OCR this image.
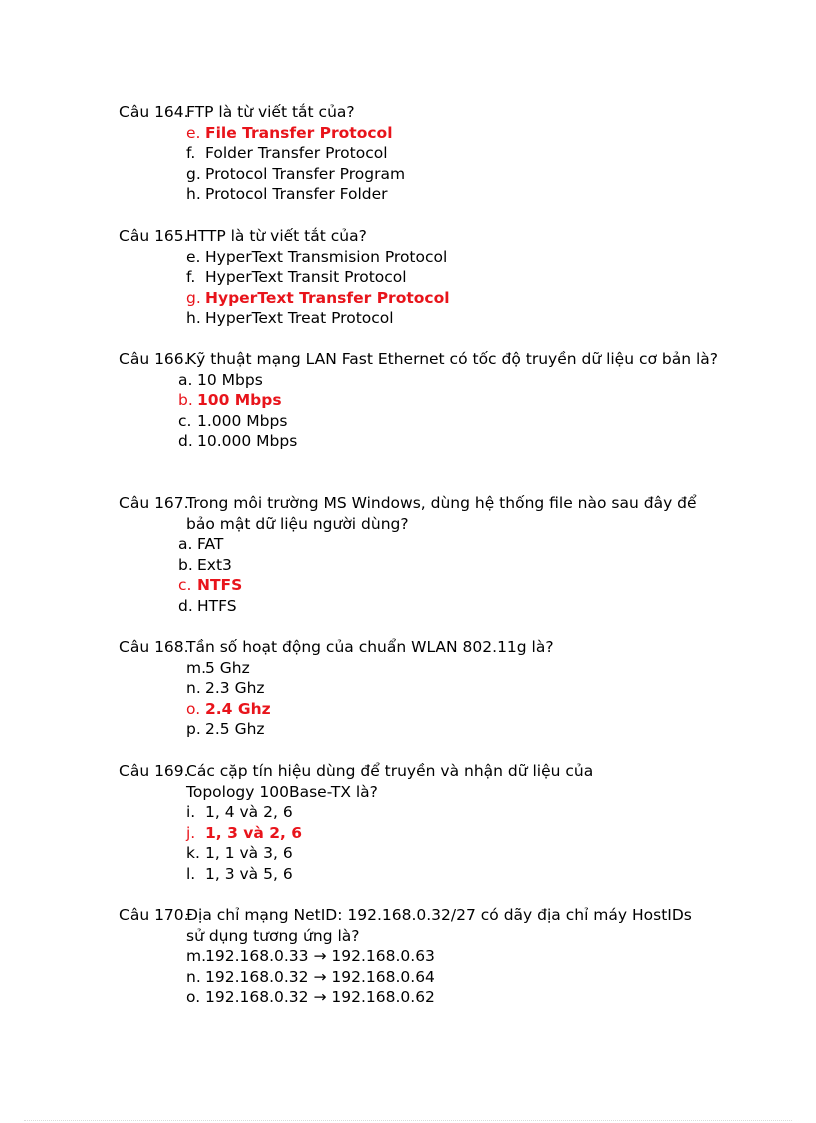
Câu 164.
FTP là từ viết tắt của?
e. File Transfer Protocol
f. Folder Transfer Protocol
g. Protocol Transfer Program
h. Protocol Transfer Folder
Câu 165.
HTTP là từ viết tắt của?
e. HyperText Transmision Protocol
f. HyperText Transit Protocol
g. HyperText Transfer Protocol
h. HyperText Treat Protocol
Câu 166.
Kỹ thuật mạng LAN Fast Ethernet có tốc độ truyền dữ liệu cơ bản là?
a. 10 Mbps
b. 100 Mbps
c. 1.000 Mbps
d. 10.000 Mbps
Câu 167.
Trong môi trường MS Windows, dùng hệ thống file nào sau đây để bảo mật dữ liệu người dùng?
a. FAT
b. Ext3
c. NTFS
d. HTFS
Câu 168.
Tần số hoạt động của chuẩn WLAN 802.11g là?
m.5 Ghz
n. 2.3 Ghz
o. 2.4 Ghz
p. 2.5 Ghz
Câu 169.
Các cặp tín hiệu dùng để truyền và nhận dữ liệu của Topology 100Base-TX là?
i. 1, 4 và 2, 6
j. 1, 3 và 2, 6
k. 1, 1 và 3, 6
l. 1, 3 và 5, 6
Câu 170.
Địa chỉ mạng NetID: 192.168.0.32/27 có dãy địa chỉ máy HostIDs sử dụng tương ứng là?
m.192.168.0.33 → 192.168.0.63
n. 192.168.0.32 → 192.168.0.64
o. 192.168.0.32 → 192.168.0.62
